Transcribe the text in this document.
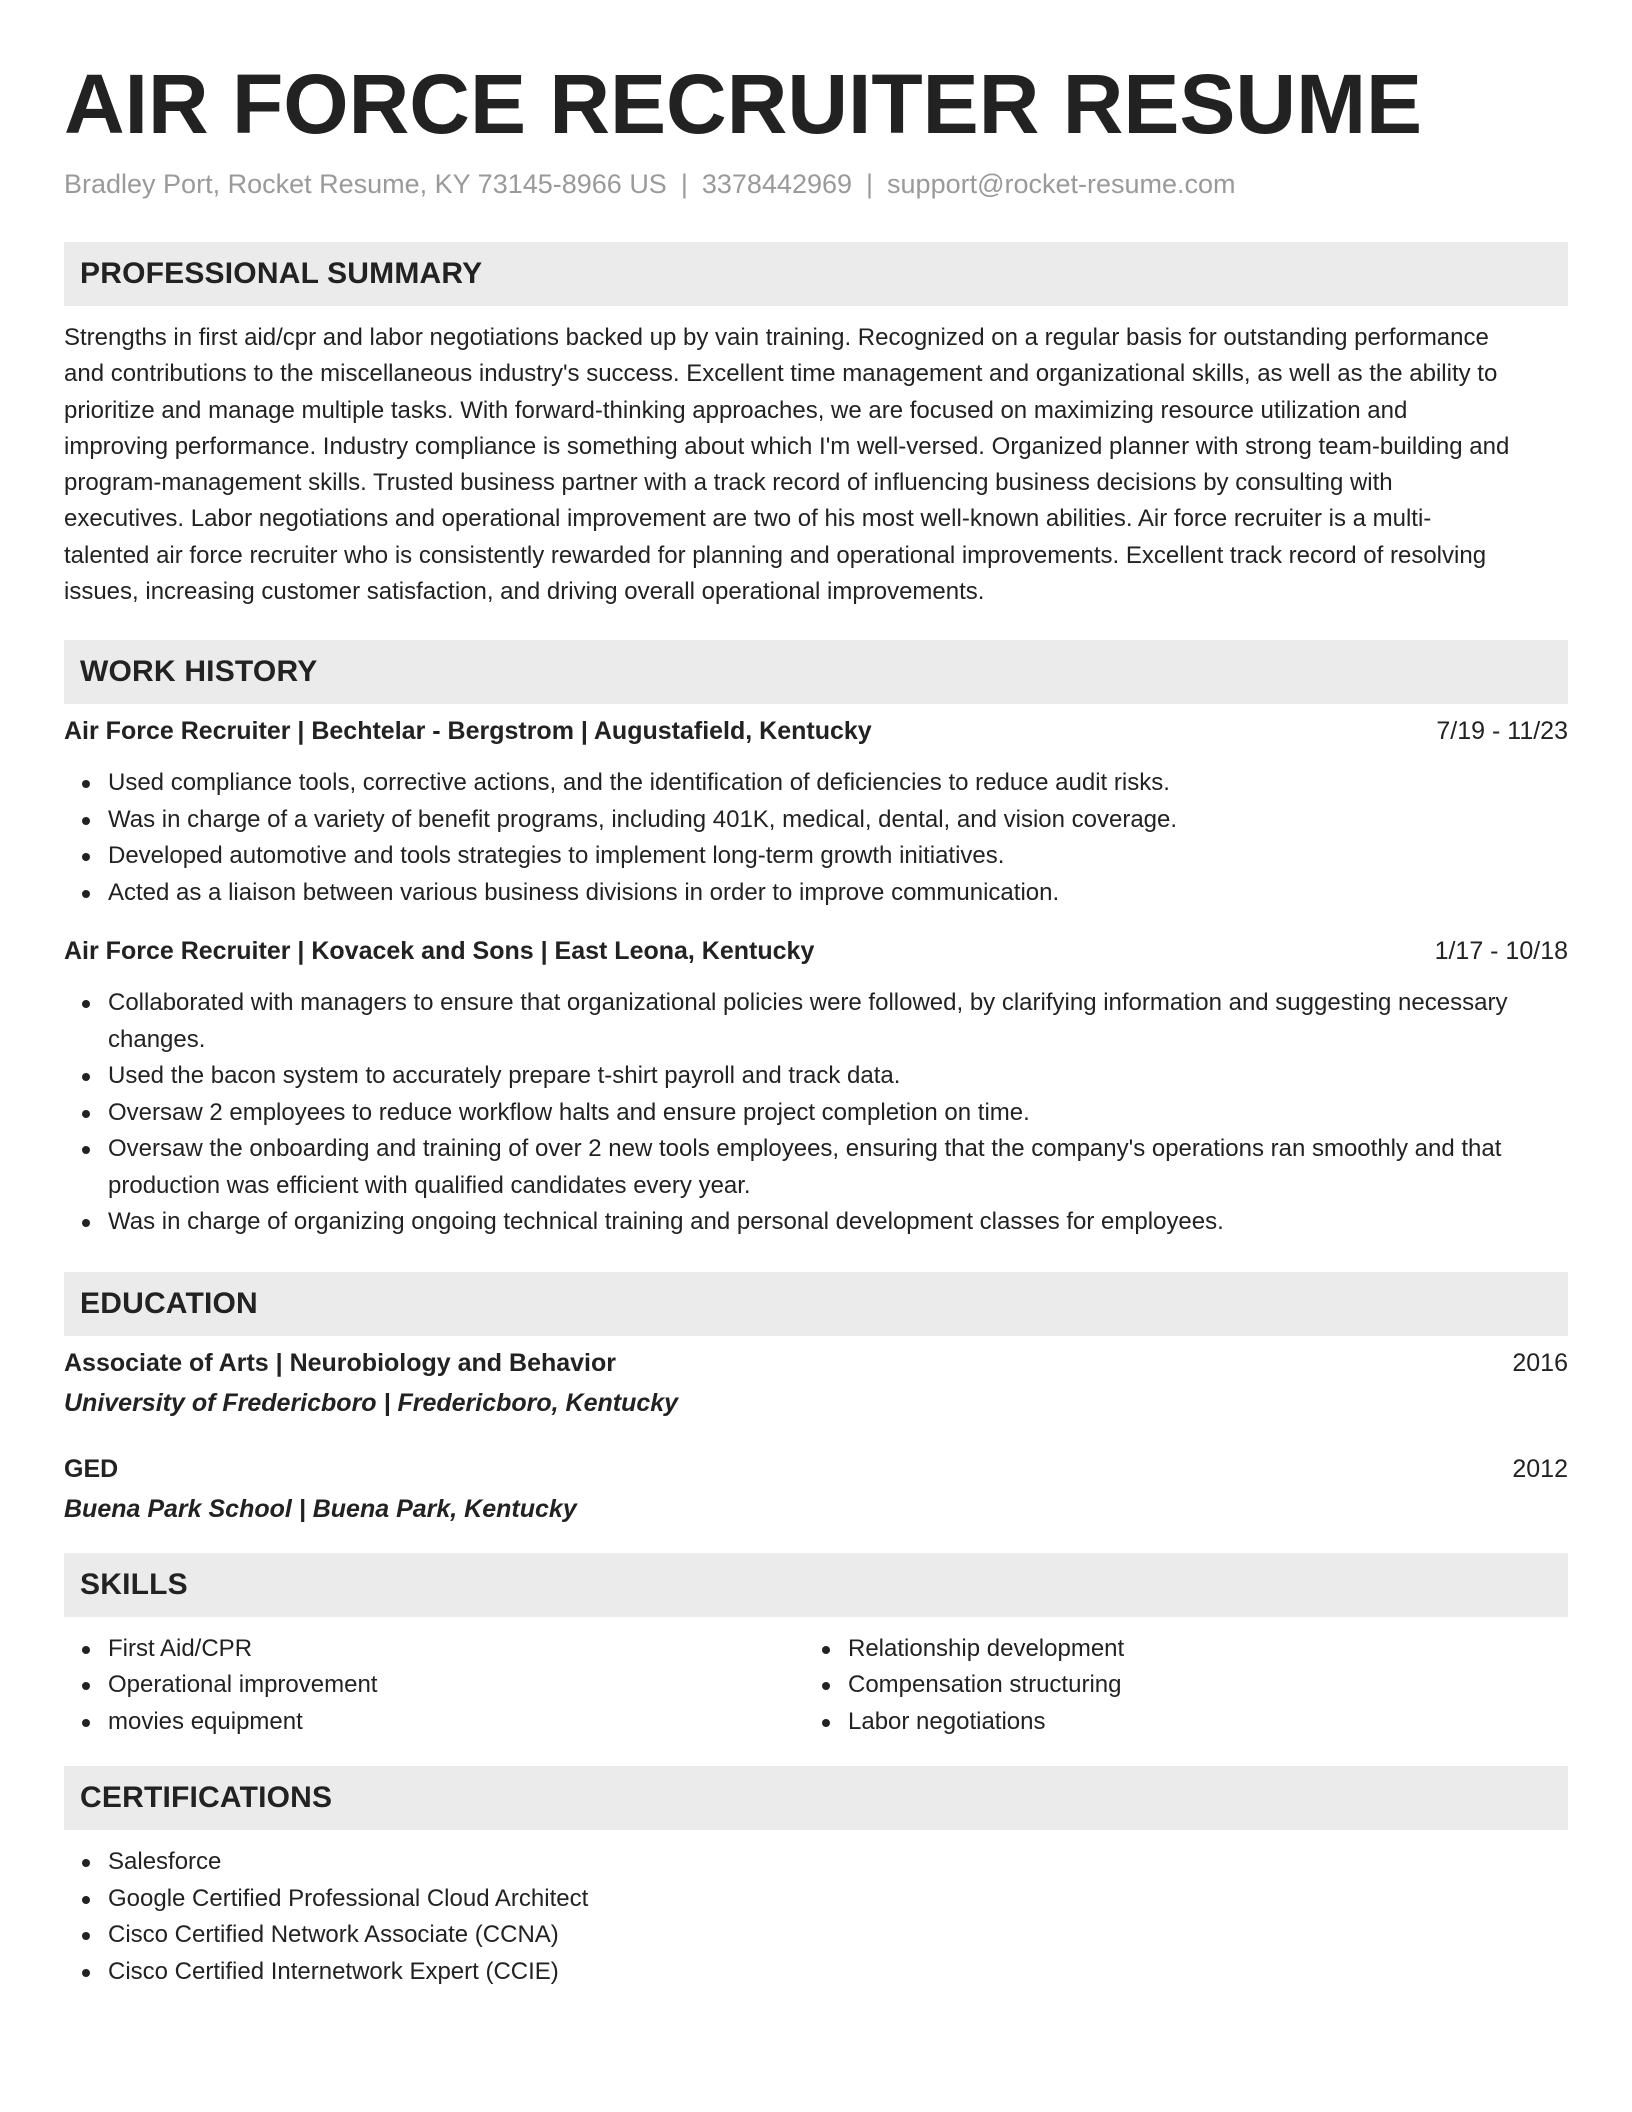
AIR FORCE RECRUITER RESUME
Bradley Port, Rocket Resume, KY 73145-8966 US | 3378442969 | support@rocket-resume.com
PROFESSIONAL SUMMARY
Strengths in first aid/cpr and labor negotiations backed up by vain training. Recognized on a regular basis for outstanding performance
and contributions to the miscellaneous industry's success. Excellent time management and organizational skills, as well as the ability to
prioritize and manage multiple tasks. With forward-thinking approaches, we are focused on maximizing resource utilization and
improving performance. Industry compliance is something about which I'm well-versed. Organized planner with strong team-building and
program-management skills. Trusted business partner with a track record of influencing business decisions by consulting with
executives. Labor negotiations and operational improvement are two of his most well-known abilities. Air force recruiter is a multi-
talented air force recruiter who is consistently rewarded for planning and operational improvements. Excellent track record of resolving
issues, increasing customer satisfaction, and driving overall operational improvements.
WORK HISTORY
Air Force Recruiter | Bechtelar - Bergstrom | Augustafield, Kentucky	7/19 - 11/23
Used compliance tools, corrective actions, and the identification of deficiencies to reduce audit risks.
Was in charge of a variety of benefit programs, including 401K, medical, dental, and vision coverage.
Developed automotive and tools strategies to implement long-term growth initiatives.
Acted as a liaison between various business divisions in order to improve communication.
Air Force Recruiter | Kovacek and Sons | East Leona, Kentucky	1/17 - 10/18
Collaborated with managers to ensure that organizational policies were followed, by clarifying information and suggesting necessary changes.
Used the bacon system to accurately prepare t-shirt payroll and track data.
Oversaw 2 employees to reduce workflow halts and ensure project completion on time.
Oversaw the onboarding and training of over 2 new tools employees, ensuring that the company's operations ran smoothly and that production was efficient with qualified candidates every year.
Was in charge of organizing ongoing technical training and personal development classes for employees.
EDUCATION
Associate of Arts | Neurobiology and Behavior	2016
University of Fredericboro | Fredericboro, Kentucky
GED	2012
Buena Park School | Buena Park, Kentucky
SKILLS
First Aid/CPR
Operational improvement
movies equipment
Relationship development
Compensation structuring
Labor negotiations
CERTIFICATIONS
Salesforce
Google Certified Professional Cloud Architect
Cisco Certified Network Associate (CCNA)
Cisco Certified Internetwork Expert (CCIE)
